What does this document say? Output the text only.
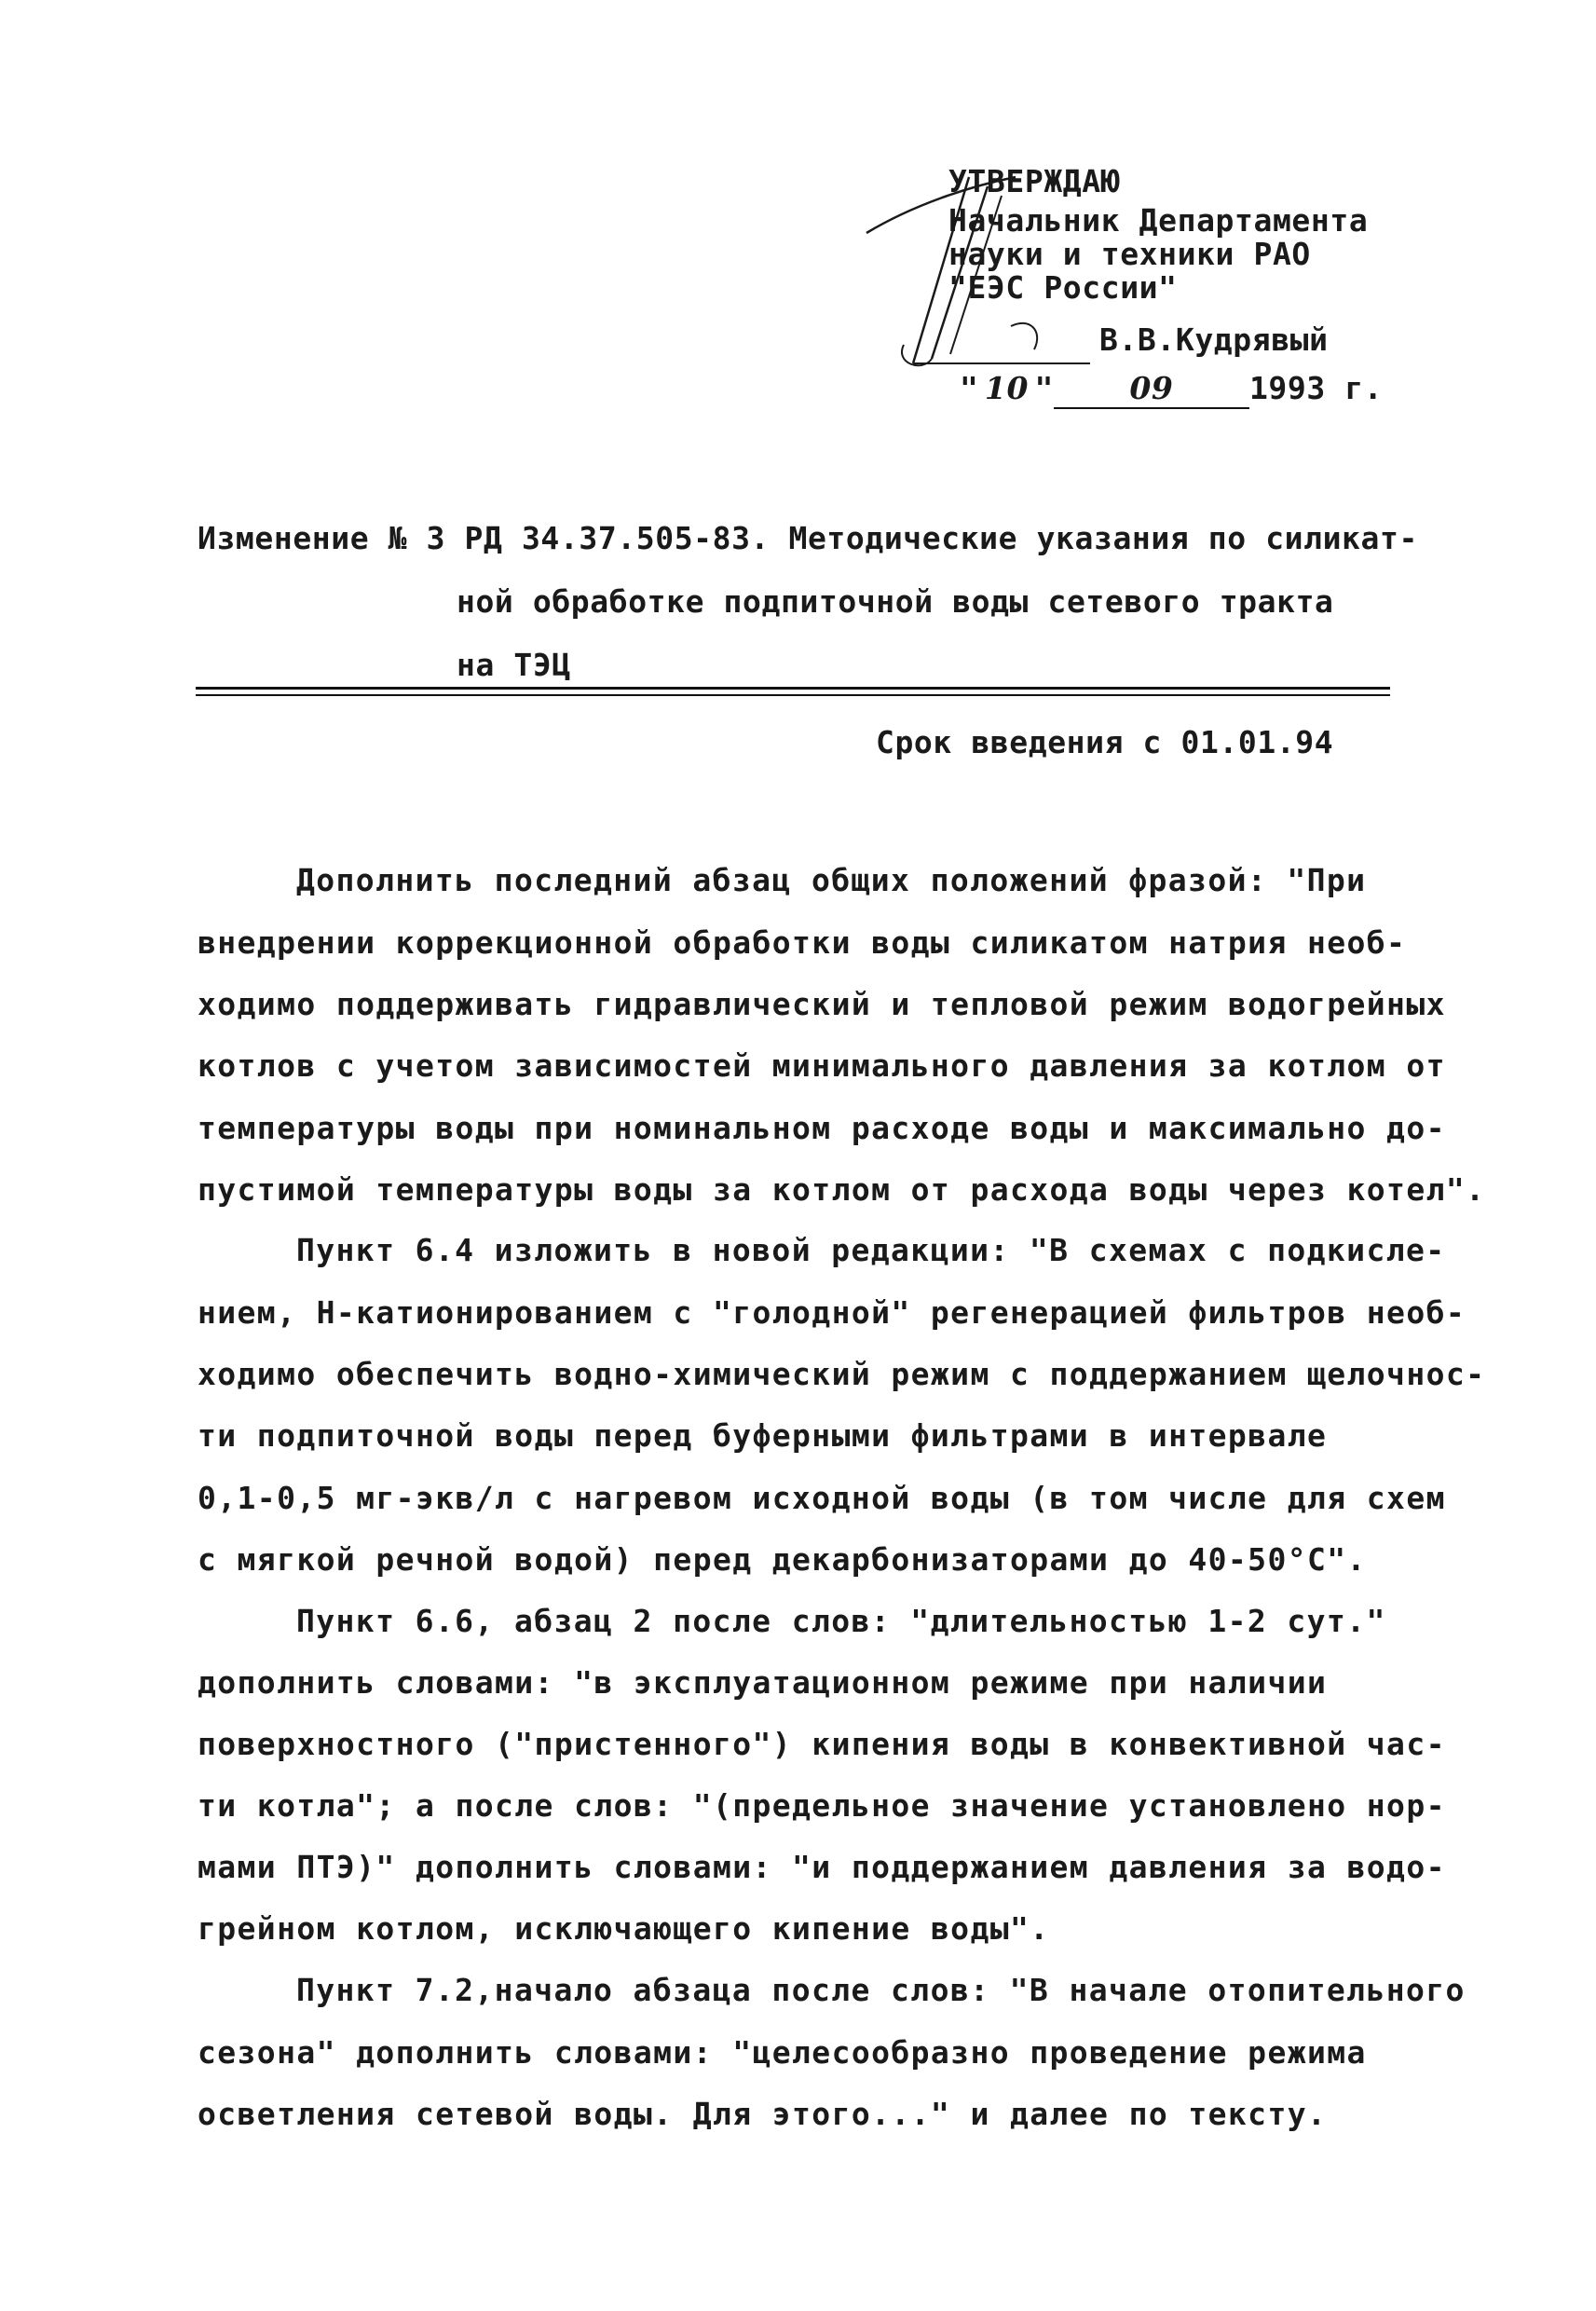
УТВЕРЖДАЮ
Начальник Департамента
науки и техники РАО
"ЕЭС России"
В.В.Кудрявый
" 10 " 09 1993 г.
Изменение № 3 РД 34.37.505-83. Методические указания по силикат-
ной обработке подпиточной воды сетевого тракта
на ТЭЦ
Срок введения с 01.01.94
Дополнить последний абзац общих положений фразой: "При
внедрении коррекционной обработки воды силикатом натрия необ-
ходимо поддерживать гидравлический и тепловой режим водогрейных
котлов с учетом зависимостей минимального давления за котлом от
температуры воды при номинальном расходе воды и максимально до-
пустимой температуры воды за котлом от расхода воды через котел".
Пункт 6.4 изложить в новой редакции: "В схемах с подкисле-
нием, Н-катионированием с "голодной" регенерацией фильтров необ-
ходимо обеспечить водно-химический режим с поддержанием щелочнос-
ти подпиточной воды перед буферными фильтрами в интервале
0,1-0,5 мг-экв/л с нагревом исходной воды (в том числе для схем
с мягкой речной водой) перед декарбонизаторами до 40-50°С".
Пункт 6.6, абзац 2 после слов: "длительностью 1-2 сут."
дополнить словами: "в эксплуатационном режиме при наличии
поверхностного ("пристенного") кипения воды в конвективной час-
ти котла"; а после слов: "(предельное значение установлено нор-
мами ПТЭ)" дополнить словами: "и поддержанием давления за водо-
грейном котлом, исключающего кипение воды".
Пункт 7.2,начало абзаца после слов: "В начале отопительного
сезона" дополнить словами: "целесообразно проведение режима
осветления сетевой воды. Для этого..." и далее по тексту.
